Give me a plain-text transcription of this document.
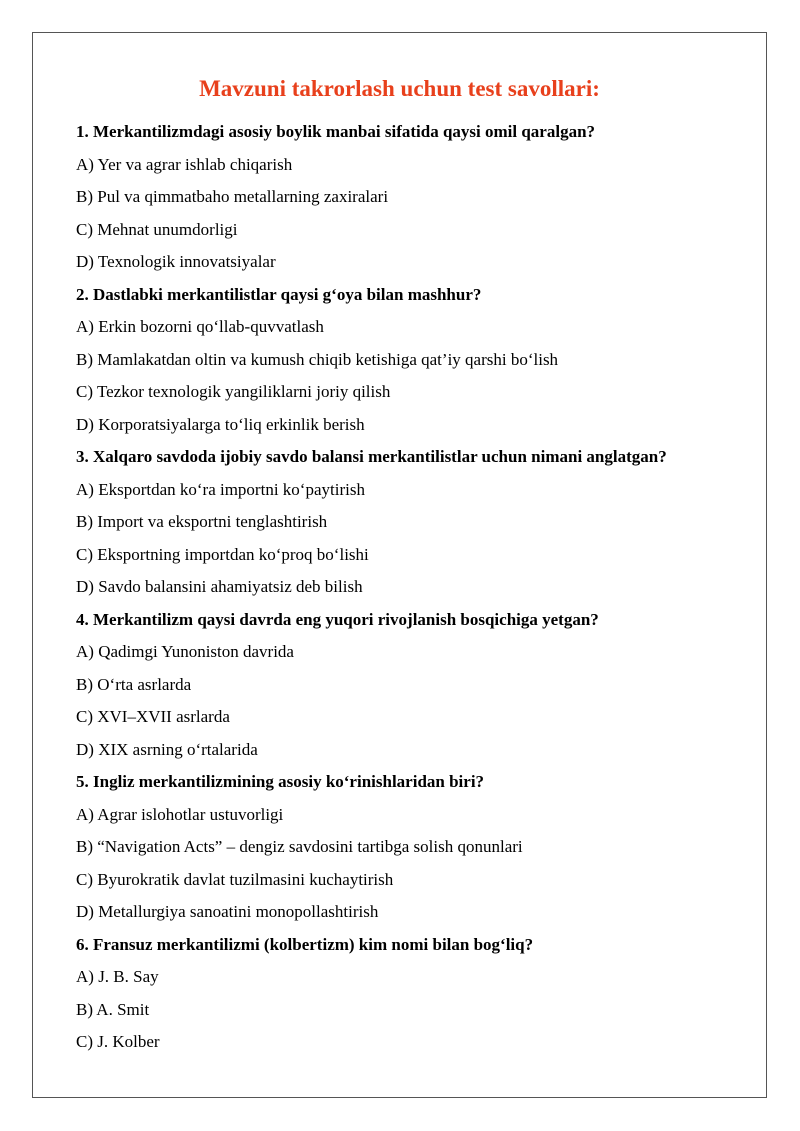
Mavzuni takrorlash uchun test savollari:
1. Merkantilizmdagi asosiy boylik manbai sifatida qaysi omil qaralgan?
A) Yer va agrar ishlab chiqarish
B) Pul va qimmatbaho metallarning zaxiralari
C) Mehnat unumdorligi
D) Texnologik innovatsiyalar
2. Dastlabki merkantilistlar qaysi g‘oya bilan mashhur?
A) Erkin bozorni qo‘llab-quvvatlash
B) Mamlakatdan oltin va kumush chiqib ketishiga qat’iy qarshi bo‘lish
C) Tezkor texnologik yangiliklarni joriy qilish
D) Korporatsiyalarga to‘liq erkinlik berish
3. Xalqaro savdoda ijobiy savdo balansi merkantilistlar uchun nimani anglatgan?
A) Eksportdan ko‘ra importni ko‘paytirish
B) Import va eksportni tenglashtirish
C) Eksportning importdan ko‘proq bo‘lishi
D) Savdo balansini ahamiyatsiz deb bilish
4. Merkantilizm qaysi davrda eng yuqori rivojlanish bosqichiga yetgan?
A) Qadimgi Yunoniston davrida
B) O‘rta asrlarda
C) XVI–XVII asrlarda
D) XIX asrning o‘rtalarida
5. Ingliz merkantilizmining asosiy ko‘rinishlaridan biri?
A) Agrar islohotlar ustuvorligi
B) “Navigation Acts” – dengiz savdosini tartibga solish qonunlari
C) Byurokratik davlat tuzilmasini kuchaytirish
D) Metallurgiya sanoatini monopollashtirish
6. Fransuz merkantilizmi (kolbertizm) kim nomi bilan bog‘liq?
A) J. B. Say
B) A. Smit
C) J. Kolber
